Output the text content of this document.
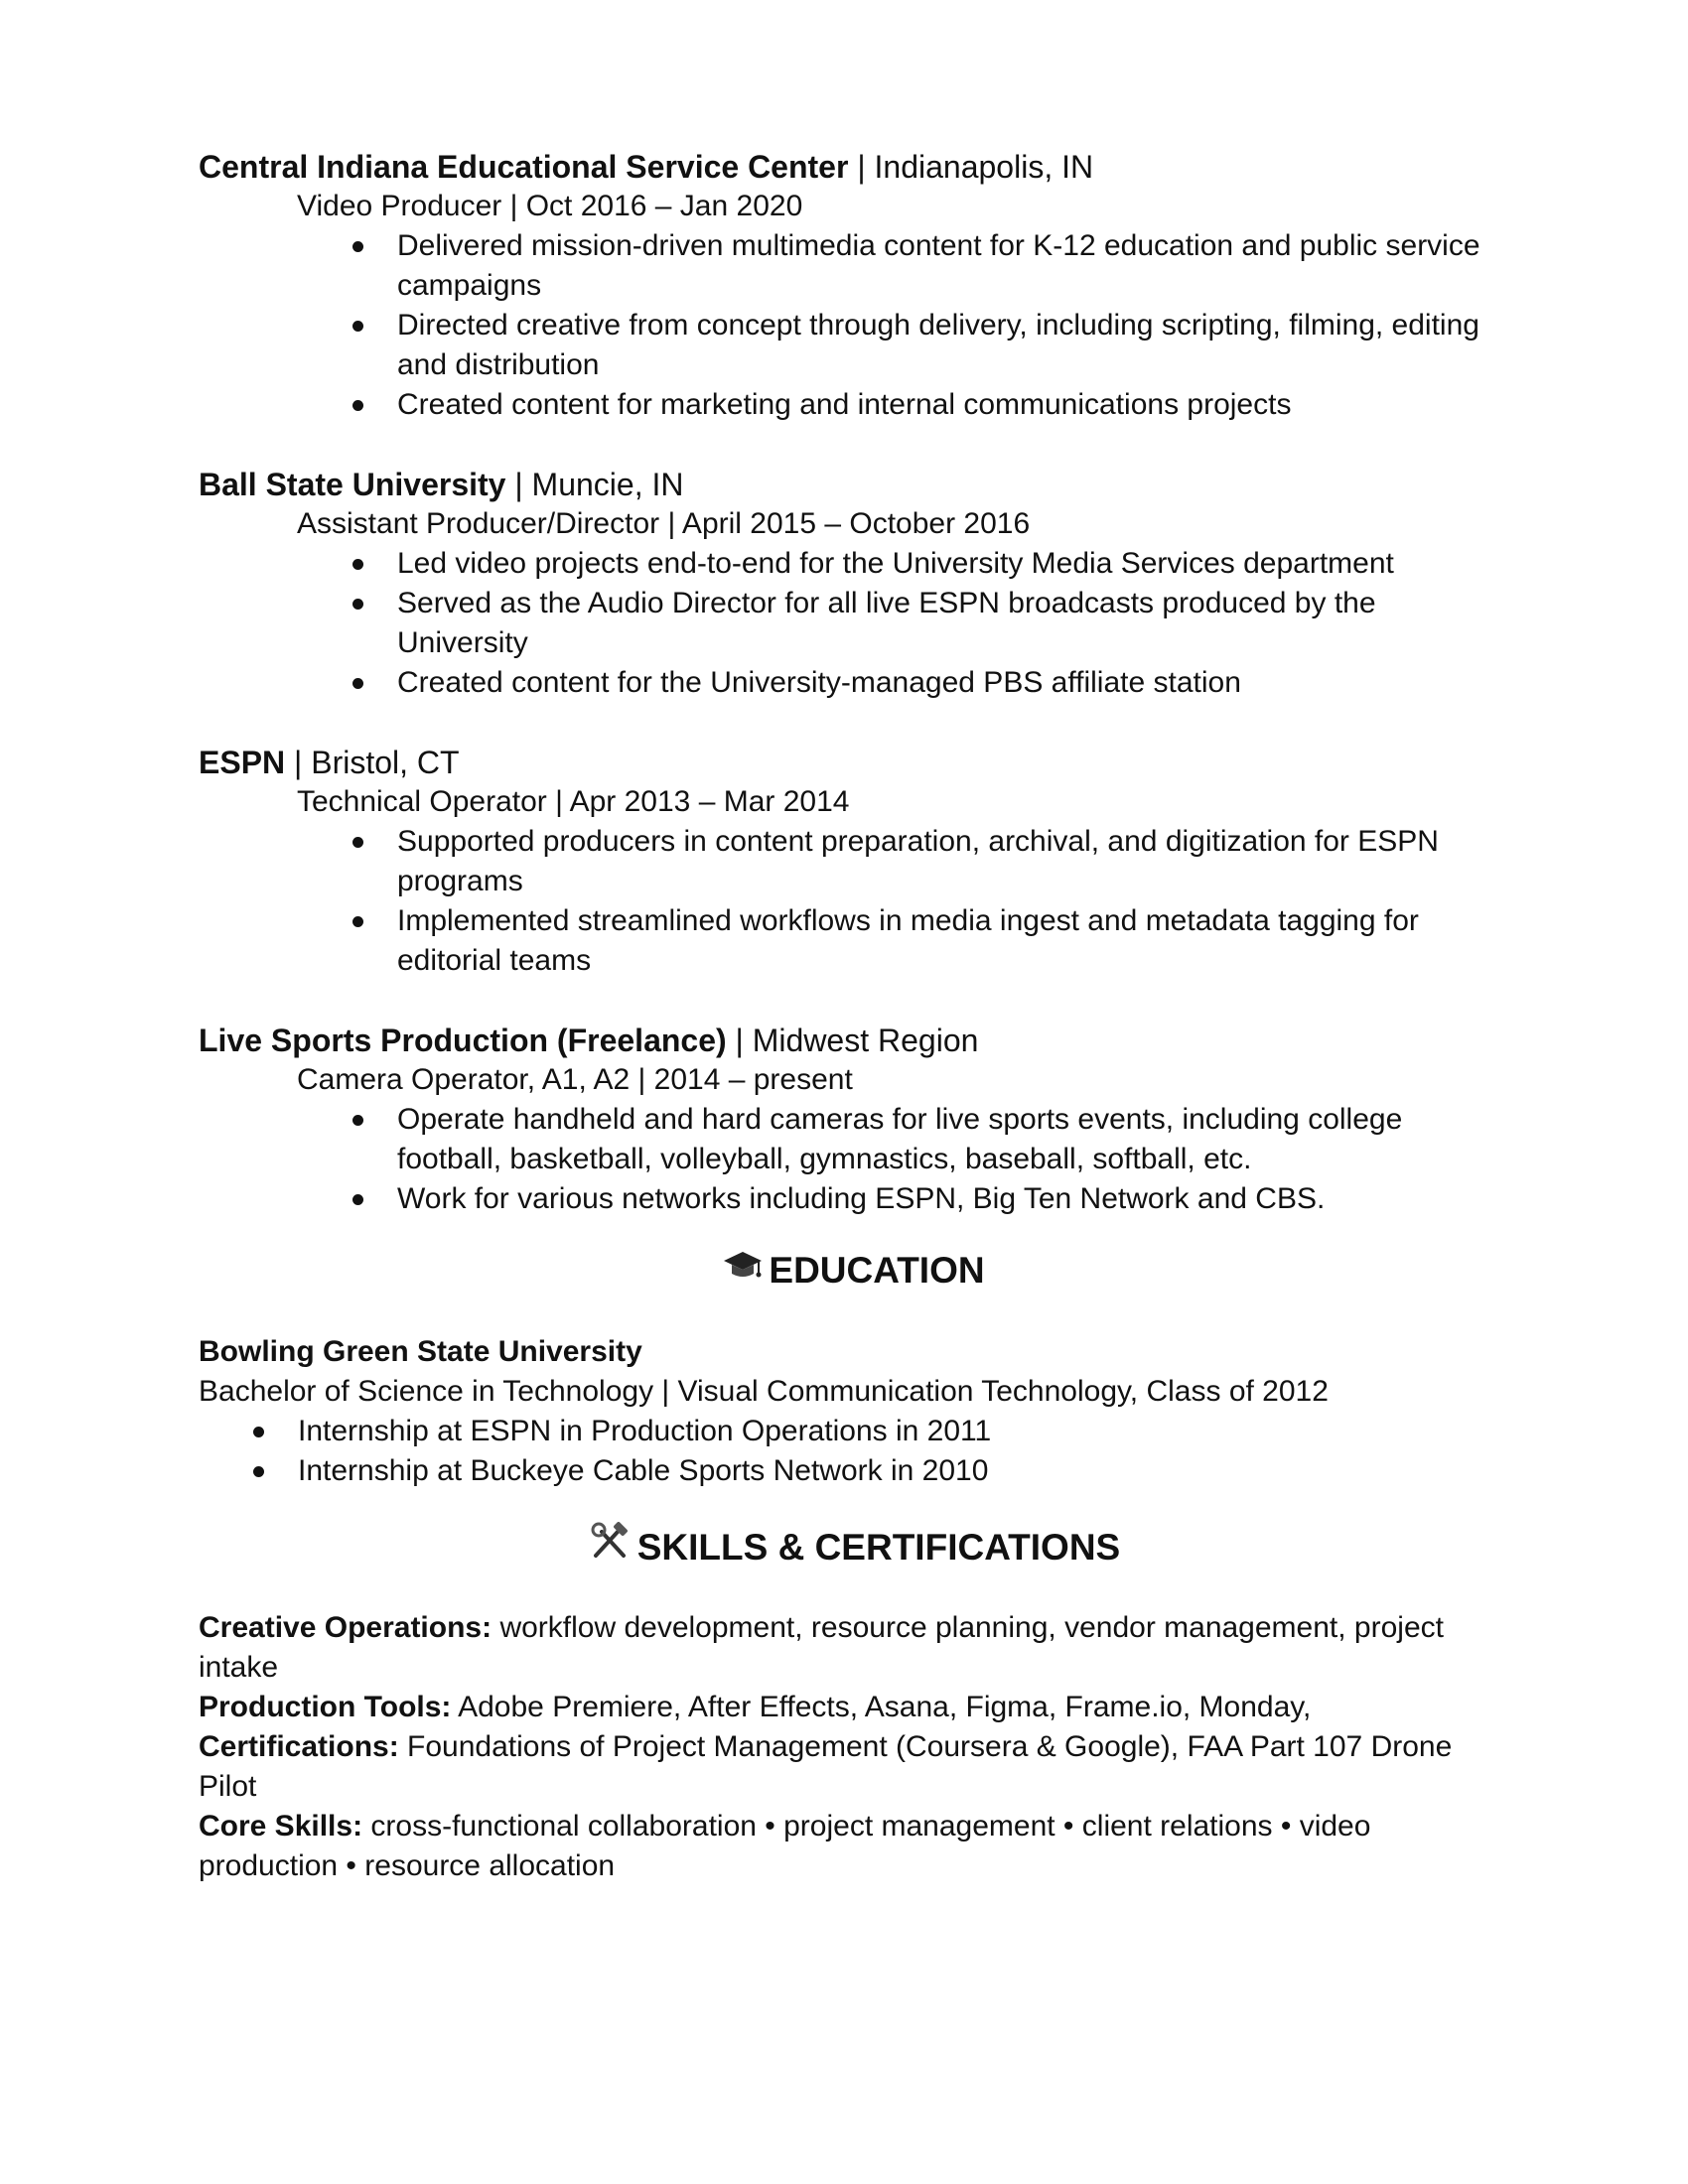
Central Indiana Educational Service Center | Indianapolis, IN

Video Producer | Oct 2016 – Jan 2020

Delivered mission-driven multimedia content for K-12 education and public service campaigns
Directed creative from concept through delivery, including scripting, filming, editing and distribution
Created content for marketing and internal communications projects

Ball State University | Muncie, IN

Assistant Producer/Director | April 2015 – October 2016

Led video projects end-to-end for the University Media Services department
Served as the Audio Director for all live ESPN broadcasts produced by the University
Created content for the University-managed PBS affiliate station

ESPN | Bristol, CT

Technical Operator | Apr 2013 – Mar 2014

Supported producers in content preparation, archival, and digitization for ESPN programs
Implemented streamlined workflows in media ingest and metadata tagging for editorial teams

Live Sports Production (Freelance) | Midwest Region

Camera Operator, A1, A2 | 2014 – present

Operate handheld and hard cameras for live sports events, including college football, basketball, volleyball, gymnastics, baseball, softball, etc.
Work for various networks including ESPN, Big Ten Network and CBS.
EDUCATION

Bowling Green State University

Bachelor of Science in Technology | Visual Communication Technology, Class of 2012

Internship at ESPN in Production Operations in 2011
Internship at Buckeye Cable Sports Network in 2010
SKILLS & CERTIFICATIONS

Creative Operations: workflow development, resource planning, vendor management, project intake

Production Tools: Adobe Premiere, After Effects, Asana, Figma, Frame.io, Monday,

Certifications: Foundations of Project Management (Coursera & Google), FAA Part 107 Drone Pilot

Core Skills: cross-functional collaboration • project management • client relations • video production • resource allocation
